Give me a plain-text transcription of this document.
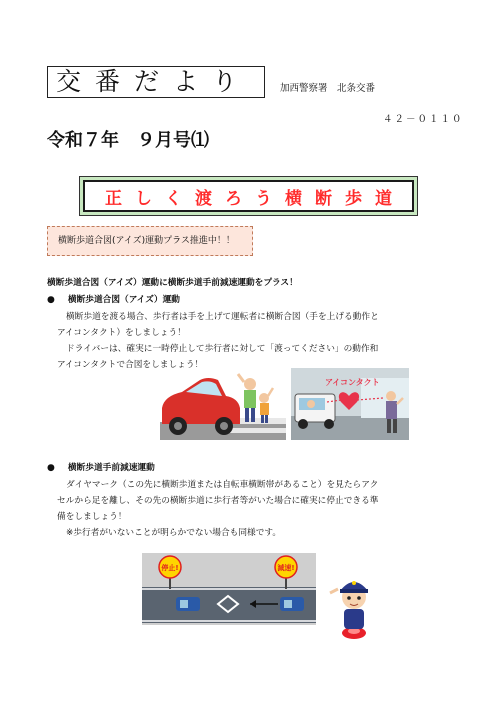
交番だより	加西警察署　北条交番
４２－０１１０
令和７年　９月号⑴
正しく渡ろう横断歩道
横断歩道合図(アイズ)運動プラス推進中！！
横断歩道合図（アイズ）運動に横断歩道手前減速運動をプラス！
● 横断歩道合図（アイズ）運動
横断歩道を渡る場合、歩行者は手を上げて運転者に横断合図（手を上げる動作と
アイコンタクト）をしましょう！
ドライバーは、確実に一時停止して歩行者に対して「渡ってください」の動作和
アイコンタクトで合図をしましょう！
アイコンタクト
● 横断歩道手前減速運動
ダイヤマーク（この先に横断歩道または自転車横断帯があること）を見たらアク
セルから足を離し、その先の横断歩道に歩行者等がいた場合に確実に停止できる準
備をしましょう！
※歩行者がいないことが明らかでない場合も同様です。
停止!	減速!
